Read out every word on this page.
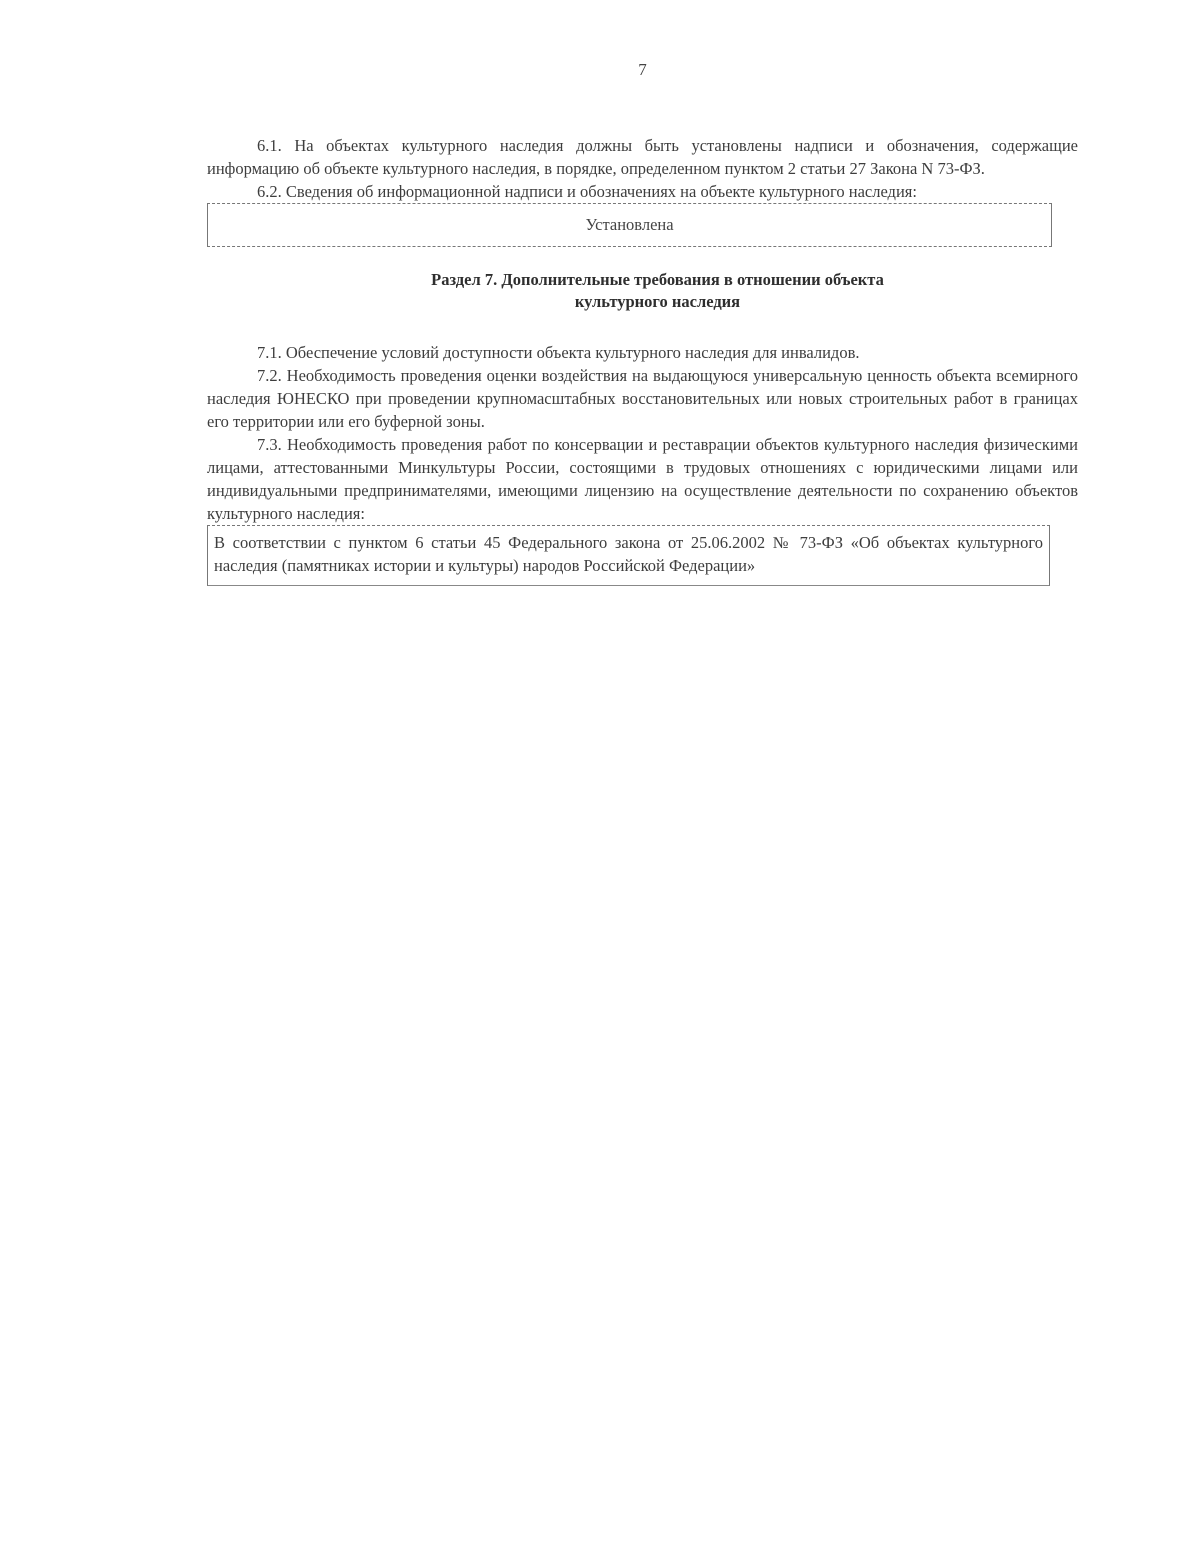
7

6.1. На объектах культурного наследия должны быть установлены надписи и обозначения, содержащие информацию об объекте культурного наследия, в порядке, определенном пунктом 2 статьи 27 Закона N 73-ФЗ.

6.2. Сведения об информационной надписи и обозначениях на объекте культурного наследия:

Установлена
Раздел 7. Дополнительные требования в отношении объекта
культурного наследия

7.1. Обеспечение условий доступности объекта культурного наследия для инвалидов.

7.2. Необходимость проведения оценки воздействия на выдающуюся универсальную ценность объекта всемирного наследия ЮНЕСКО при проведении крупномасштабных восстановительных или новых строительных работ в границах его территории или его буферной зоны.

7.3. Необходимость проведения работ по консервации и реставрации объектов культурного наследия физическими лицами, аттестованными Минкультуры России, состоящими в трудовых отношениях с юридическими лицами или индивидуальными предпринимателями, имеющими лицензию на осуществление деятельности по сохранению объектов культурного наследия:

В соответствии с пунктом 6 статьи 45 Федерального закона от 25.06.2002 № 73-ФЗ «Об объектах культурного наследия (памятниках истории и культуры) народов Российской Федерации»
